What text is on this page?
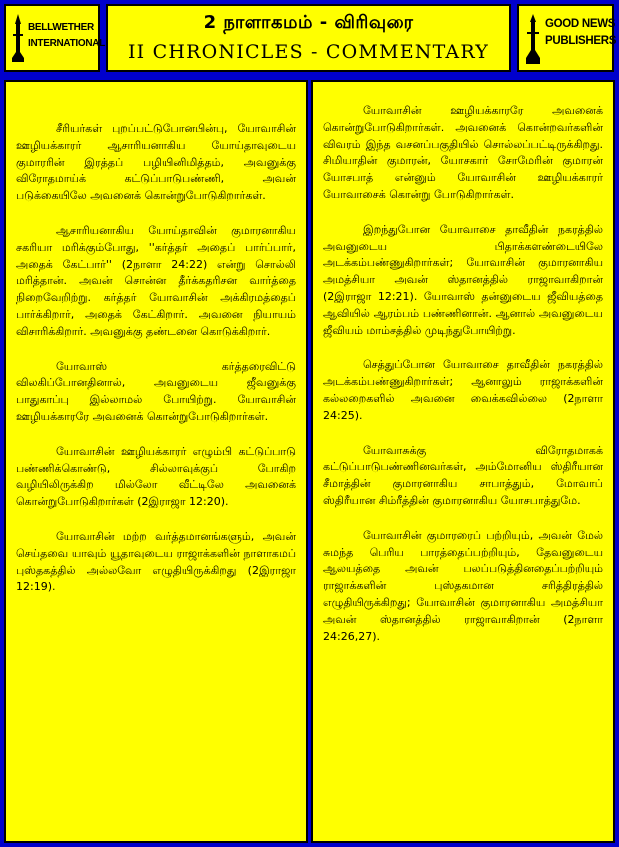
BELLWETHER
INTERNATIONAL
2 நாளாகமம் - விரிவுரை
II CHRONICLES - COMMENTARY
GOOD NEWS
PUBLISHERS

சீரியர்கள் புறப்பட்டுபோனபின்பு, யோவாசின் ஊழியக்காரர் ஆசாரியனாகிய யோய்தாவுடைய குமாரரின் இரத்தப் பழியினிமித்தம், அவனுக்கு விரோதமாய்க் கட்டுப்பாடுபண்ணி, அவன் படுக்கையிலே அவனைக் கொன்றுபோடுகிறார்கள்.

ஆசாரியனாகிய யோய்தாவின் குமாரனாகிய சகரியா மரிக்கும்போது, ''கர்த்தர் அதைப் பார்ப்பார், அதைக் கேட்பார்'' (2நாளா 24:22) என்று சொல்லி மரித்தான். அவன் சொன்ன தீர்க்கதரிசன வார்த்தை நிறைவேறிற்று. கர்த்தர் யோவாசின் அக்கிரமத்தைப் பார்க்கிறார், அதைக் கேட்கிறார். அவனை நியாயம் விசாரிக்கிறார். அவனுக்கு தண்டனை கொடுக்கிறார்.

யோவாஸ் கர்த்தரைவிட்டு விலகிப்போனதினால், அவனுடைய ஜீவனுக்கு பாதுகாப்பு இல்லாமல் போயிற்று. யோவாசின் ஊழியக்காரரே அவனைக் கொன்றுபோடுகிறார்கள்.

யோவாசின் ஊழியக்காரர் எழும்பி கட்டுப்பாடு பண்ணிக்கொண்டு, சில்லாவுக்குப் போகிற வழியிலிருக்கிற மில்லோ வீட்டிலே அவனைக் கொன்றுபோடுகிறார்கள் (2இராஜா 12:20).

யோவாசின் மற்ற வர்த்தமானங்களும், அவன் செய்தவை யாவும் யூதாவுடைய ராஜாக்களின் நாளாகமப் புஸ்தகத்தில் அல்லவோ எழுதியிருக்கிறது (2இராஜா 12:19).

யோவாசின் ஊழியக்காரரே அவனைக் கொன்றுபோடுகிறார்கள். அவனைக் கொன்றவர்களின் விவரம் இந்த வசனப்பகுதியில் சொல்லப்பட்டிருக்கிறது. சிமியாதின் குமாரன், யோசகார் சோமேரின் குமாரன் யோசபாத் என்னும் யோவாசின் ஊழியக்காரர் யோவாசைக் கொன்று போடுகிறார்கள்.

இறந்துபோன யோவாசை தாவீதின் நகரத்தில் அவனுடைய பிதாக்களண்டையிலே அடக்கம்பண்ணுகிறார்கள்; யோவாசின் குமாரனாகிய அமத்சியா அவன் ஸ்தானத்தில் ராஜாவாகிறான் (2இராஜா 12:21). யோவாஸ் தன்னுடைய ஜீவியத்தை ஆவியில் ஆரம்பம் பண்ணினான். ஆனால் அவனுடைய ஜீவியம் மாம்சத்தில் முடிந்துபோயிற்று.

செத்துப்போன யோவாசை தாவீதின் நகரத்தில் அடக்கம்பண்ணுகிறார்கள்; ஆனாலும் ராஜாக்களின் கல்லறைகளில் அவனை வைக்கவில்லை (2நாளா 24:25).

யோவாசுக்கு விரோதமாகக் கட்டுப்பாடுபண்ணினவர்கள், அம்மோனிய ஸ்திரீயான சீமாத்தின் குமாரனாகிய சாபாத்தும், மோவாப் ஸ்திரீயான சிம்ரீத்தின் குமாரனாகிய யோசபாத்துமே.

யோவாசின் குமாரரைப் பற்றியும், அவன் மேல் சுமந்த பெரிய பாரத்தைப்பற்றியும், தேவனுடைய ஆலயத்தை அவன் பலப்படுத்தினதைப்பற்றியும் ராஜாக்களின் புஸ்தகமான சரித்திரத்தில் எழுதியிருக்கிறது; யோவாசின் குமாரனாகிய அமத்சியா அவன் ஸ்தானத்தில் ராஜாவாகிறான் (2நாளா 24:26,27).
